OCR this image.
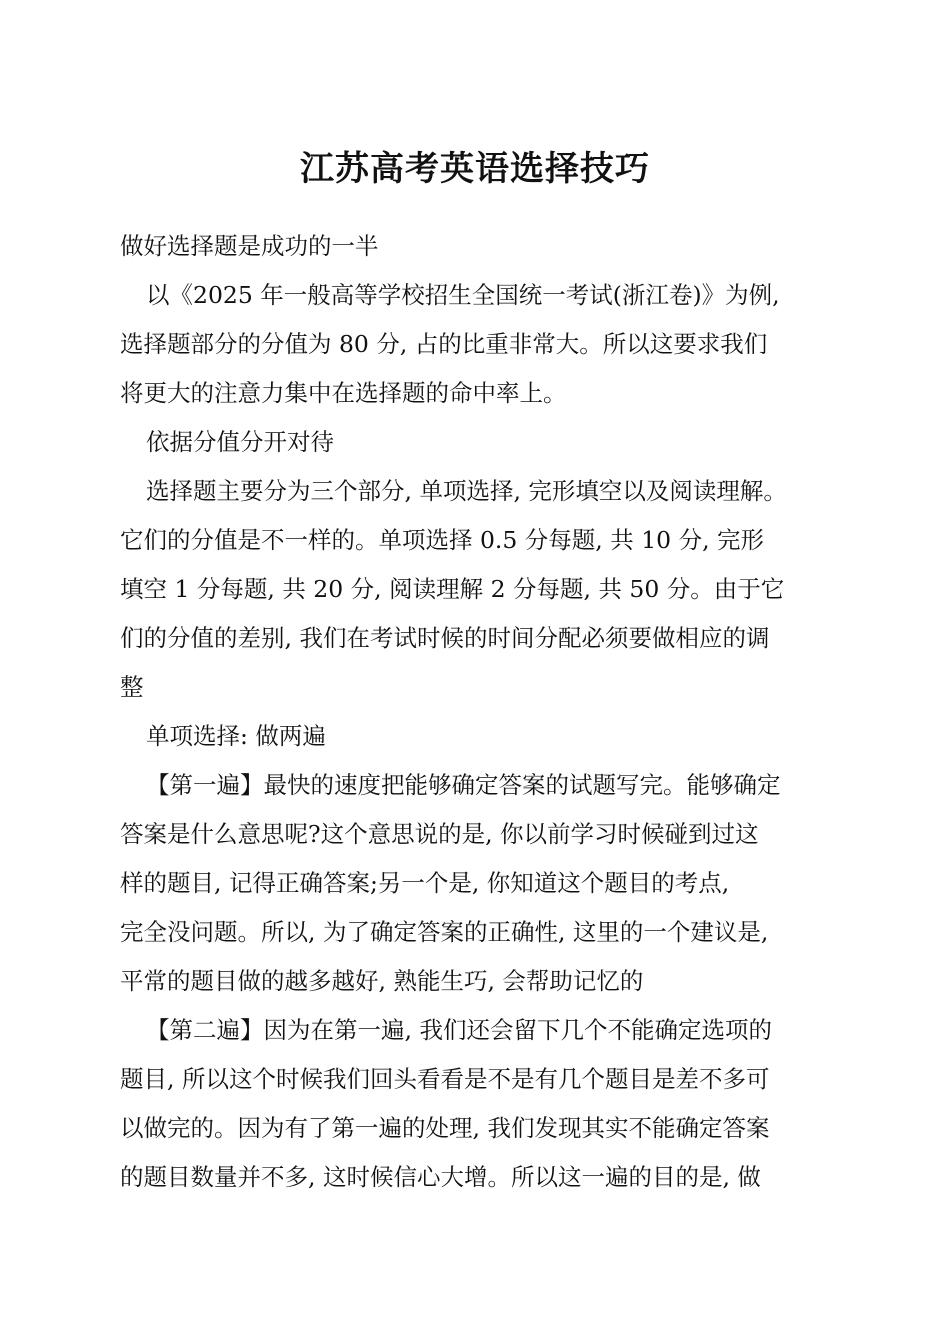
江苏高考英语选择技巧
做好选择题是成功的一半
以《2025 年一般高等学校招生全国统一考试(浙江卷)》为例,
选择题部分的分值为 80 分, 占的比重非常大。所以这要求我们
将更大的注意力集中在选择题的命中率上。
依据分值分开对待
选择题主要分为三个部分, 单项选择, 完形填空以及阅读理解。
它们的分值是不一样的。单项选择 0.5 分每题, 共 10 分, 完形
填空 1 分每题, 共 20 分, 阅读理解 2 分每题, 共 50 分。由于它
们的分值的差别, 我们在考试时候的时间分配必须要做相应的调
整
单项选择: 做两遍
【第一遍】最快的速度把能够确定答案的试题写完。能够确定
答案是什么意思呢?这个意思说的是, 你以前学习时候碰到过这
样的题目, 记得正确答案;另一个是, 你知道这个题目的考点,
完全没问题。所以, 为了确定答案的正确性, 这里的一个建议是,
平常的题目做的越多越好, 熟能生巧, 会帮助记忆的
【第二遍】因为在第一遍, 我们还会留下几个不能确定选项的
题目, 所以这个时候我们回头看看是不是有几个题目是差不多可
以做完的。因为有了第一遍的处理, 我们发现其实不能确定答案
的题目数量并不多, 这时候信心大增。所以这一遍的目的是, 做
